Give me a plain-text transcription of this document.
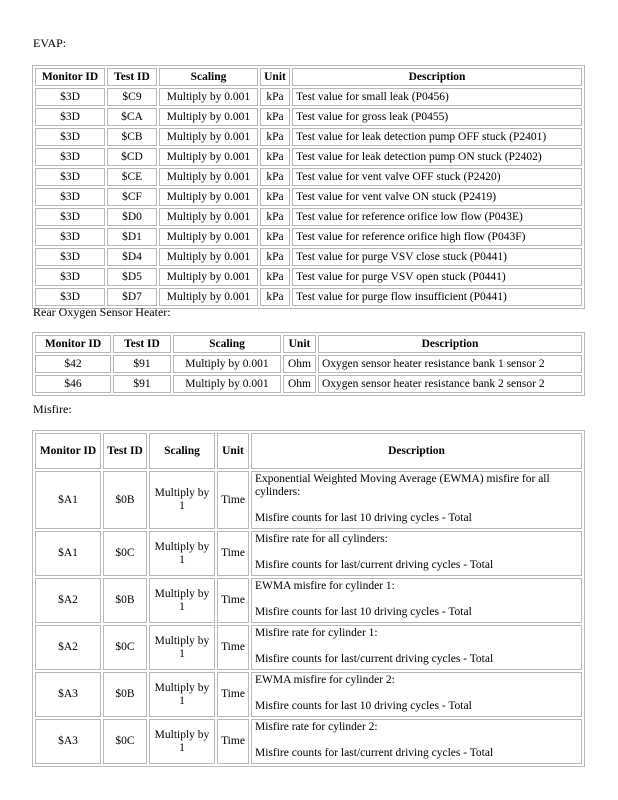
EVAP:
Monitor ID	Test ID	Scaling	Unit	Description
$3D	$C9	Multiply by 0.001	kPa	Test value for small leak (P0456)
$3D	$CA	Multiply by 0.001	kPa	Test value for gross leak (P0455)
$3D	$CB	Multiply by 0.001	kPa	Test value for leak detection pump OFF stuck (P2401)
$3D	$CD	Multiply by 0.001	kPa	Test value for leak detection pump ON stuck (P2402)
$3D	$CE	Multiply by 0.001	kPa	Test value for vent valve OFF stuck (P2420)
$3D	$CF	Multiply by 0.001	kPa	Test value for vent valve ON stuck (P2419)
$3D	$D0	Multiply by 0.001	kPa	Test value for reference orifice low flow (P043E)
$3D	$D1	Multiply by 0.001	kPa	Test value for reference orifice high flow (P043F)
$3D	$D4	Multiply by 0.001	kPa	Test value for purge VSV close stuck (P0441)
$3D	$D5	Multiply by 0.001	kPa	Test value for purge VSV open stuck (P0441)
$3D	$D7	Multiply by 0.001	kPa	Test value for purge flow insufficient (P0441)
Rear Oxygen Sensor Heater:
Monitor ID	Test ID	Scaling	Unit	Description
$42	$91	Multiply by 0.001	Ohm	Oxygen sensor heater resistance bank 1 sensor 2
$46	$91	Multiply by 0.001	Ohm	Oxygen sensor heater resistance bank 2 sensor 2
Misfire:
Monitor ID	Test ID	Scaling	Unit	Description
$A1	$0B	Multiply by 1	Time	Exponential Weighted Moving Average (EWMA) misfire for all cylinders:
Misfire counts for last 10 driving cycles - Total

$A1	$0C	Multiply by 1	Time	Misfire rate for all cylinders:
Misfire counts for last/current driving cycles - Total

$A2	$0B	Multiply by 1	Time	EWMA misfire for cylinder 1:
Misfire counts for last 10 driving cycles - Total

$A2	$0C	Multiply by 1	Time	Misfire rate for cylinder 1:
Misfire counts for last/current driving cycles - Total

$A3	$0B	Multiply by 1	Time	EWMA misfire for cylinder 2:
Misfire counts for last 10 driving cycles - Total

$A3	$0C	Multiply by 1	Time	Misfire rate for cylinder 2:
Misfire counts for last/current driving cycles - Total
